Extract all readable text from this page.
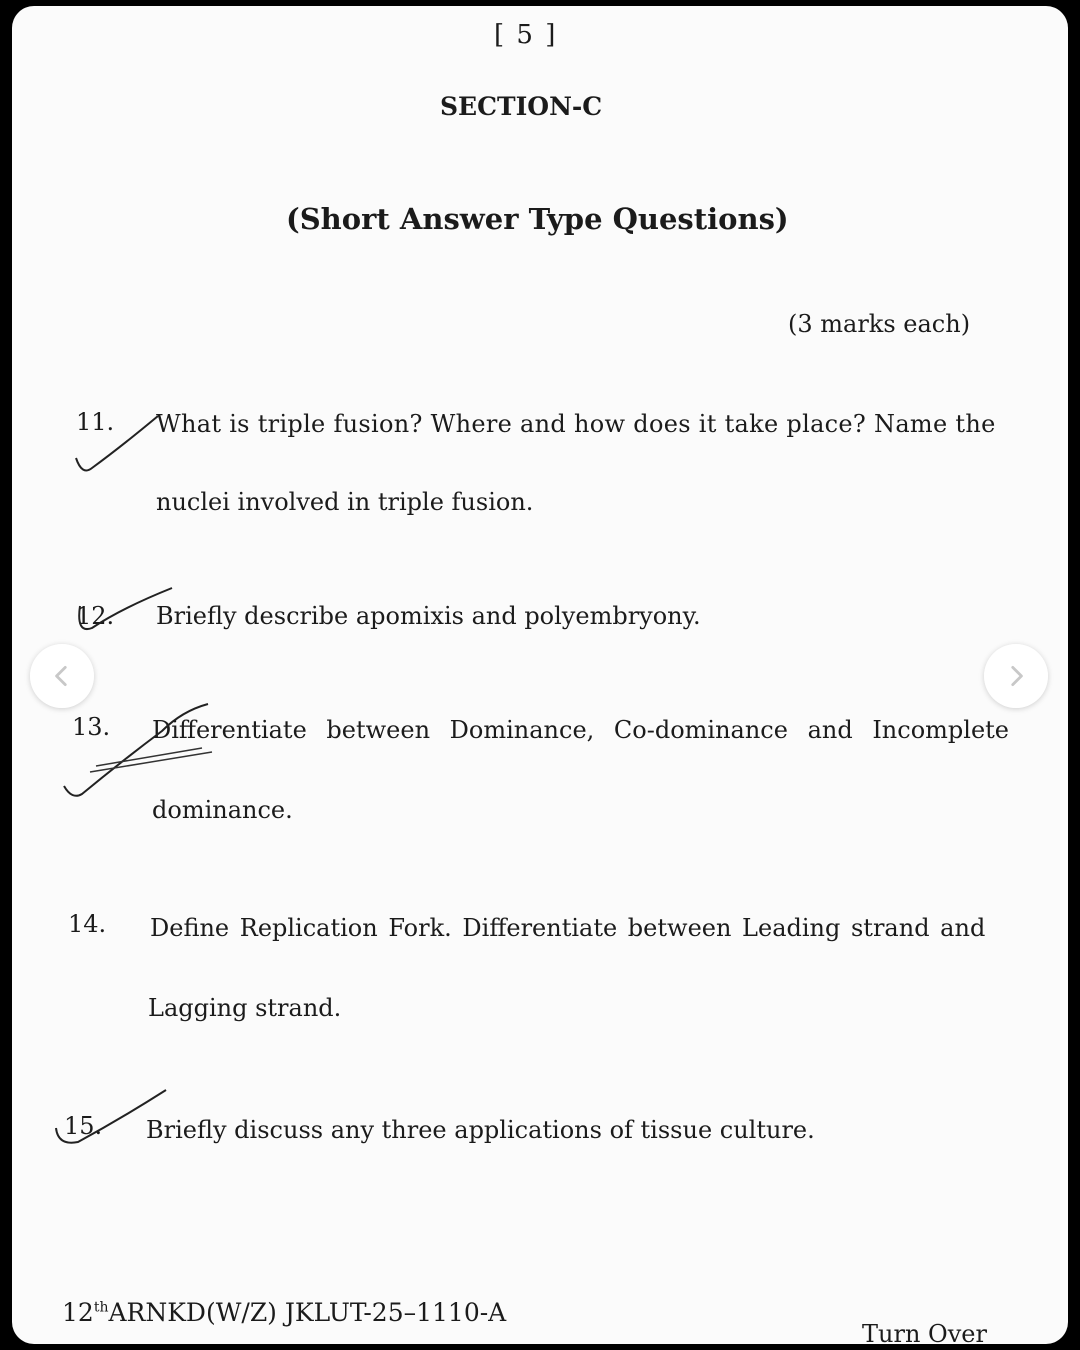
[ 5 ]
SECTION-C
(Short Answer Type Questions)
(3 marks each)
11. What is triple fusion? Where and how does it take place? Name the
nuclei involved in triple fusion.
12. Briefly describe apomixis and polyembryony.
13. Differentiate between Dominance, Co-dominance and Incomplete
dominance.
14. Define Replication Fork. Differentiate between Leading strand and
Lagging strand.
15. Briefly discuss any three applications of tissue culture.
12thARNKD(W/Z) JKLUT-25–1110-A
Turn Over
